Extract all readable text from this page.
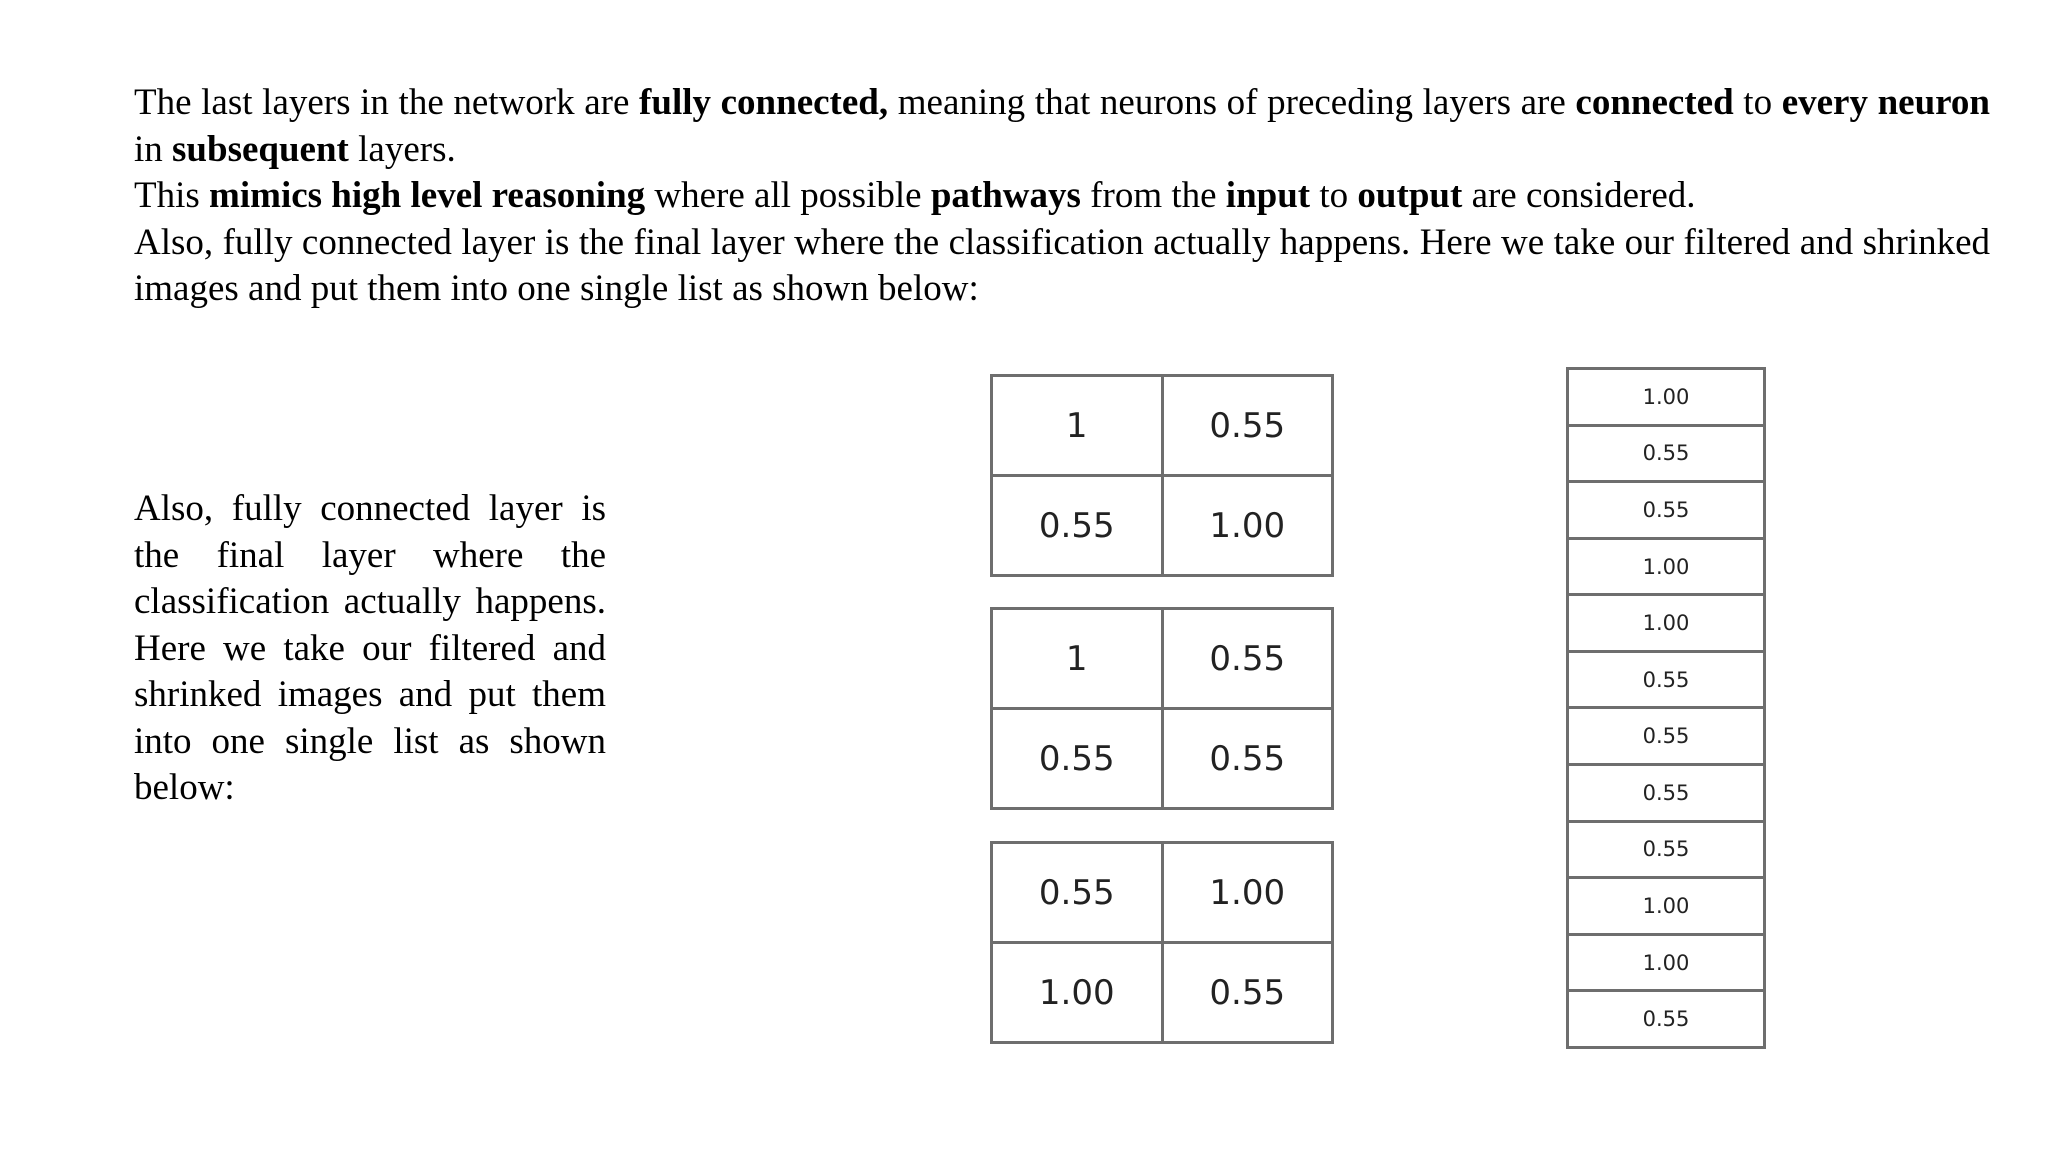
The last layers in the network are fully connected, meaning that neurons of preceding layers are connected to every neuron in subsequent layers.

This mimics high level reasoning where all possible pathways from the input to output are considered.

Also, fully connected layer is the final layer where the classification actually happens. Here we take our filtered and shrinked images and put them into one single list as shown below:

Also, fully connected layer is the final layer where the classification actually happens. Here we take our filtered and shrinked images and put them into one single list as shown below:

1	0.55
0.55	1.00
1	0.55
0.55	0.55
0.55	1.00
1.00	0.55
1.00
0.55
0.55
1.00
1.00
0.55
0.55
0.55
0.55
1.00
1.00
0.55
